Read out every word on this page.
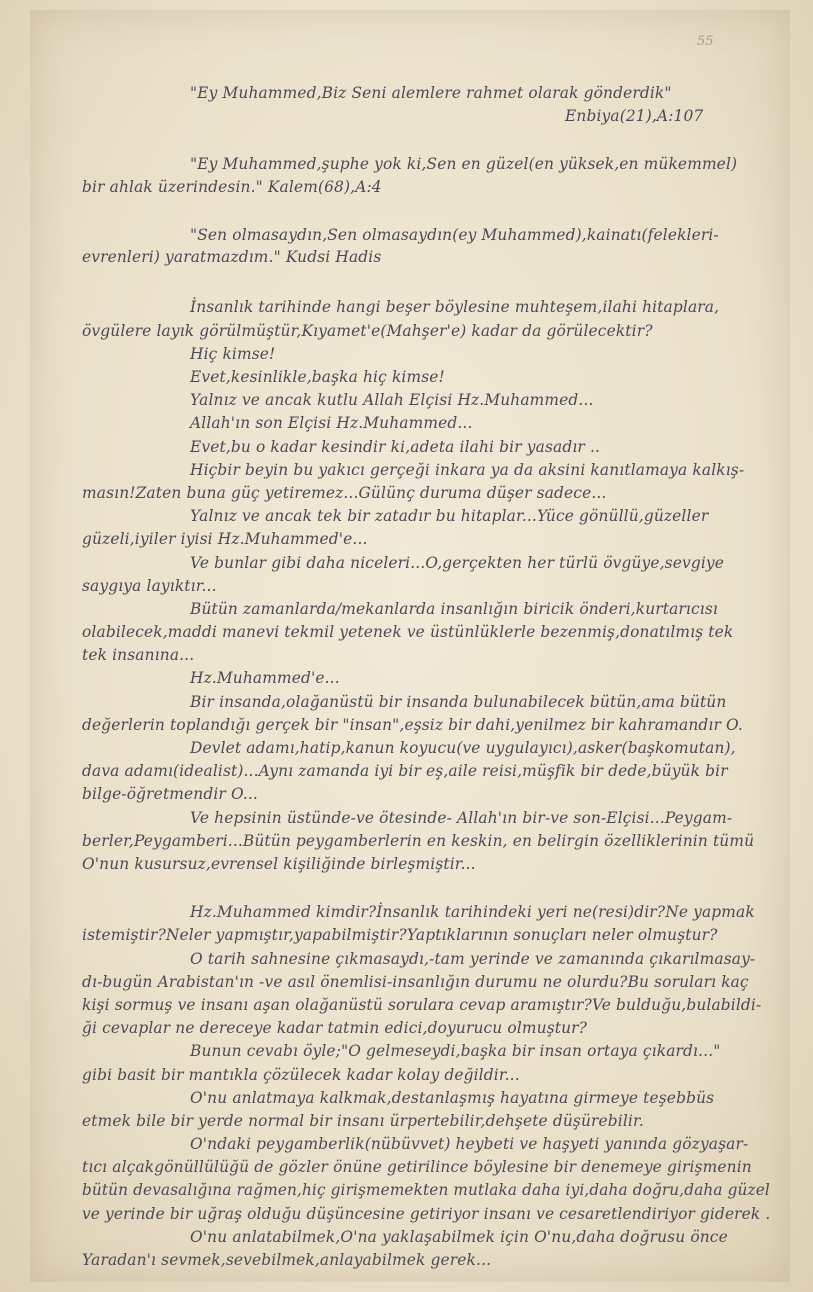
55
"Ey Muhammed,Biz Seni alemlere rahmet olarak gönderdik"
Enbiya(21),A:107
"Ey Muhammed,şuphe yok ki,Sen en güzel(en yüksek,en mükemmel)
bir ahlak üzerindesin." Kalem(68),A:4
"Sen olmasaydın,Sen olmasaydın(ey Muhammed),kainatı(felekleri-
evrenleri) yaratmazdım." Kudsi Hadis
İnsanlık tarihinde hangi beşer böylesine muhteşem,ilahi hitaplara,
övgülere layık görülmüştür,Kıyamet'e(Mahşer'e) kadar da görülecektir?
Hiç kimse!
Evet,kesinlikle,başka hiç kimse!
Yalnız ve ancak kutlu Allah Elçisi Hz.Muhammed...
Allah'ın son Elçisi Hz.Muhammed...
Evet,bu o kadar kesindir ki,adeta ilahi bir yasadır ..
Hiçbir beyin bu yakıcı gerçeği inkara ya da aksini kanıtlamaya kalkış-
masın!Zaten buna güç yetiremez...Gülünç duruma düşer sadece...
Yalnız ve ancak tek bir zatadır bu hitaplar...Yüce gönüllü,güzeller
güzeli,iyiler iyisi Hz.Muhammed'e...
Ve bunlar gibi daha niceleri...O,gerçekten her türlü övgüye,sevgiye
saygıya layıktır...
Bütün zamanlarda/mekanlarda insanlığın biricik önderi,kurtarıcısı
olabilecek,maddi manevi tekmil yetenek ve üstünlüklerle bezenmiş,donatılmış tek
tek insanına...
Hz.Muhammed'e...
Bir insanda,olağanüstü bir insanda bulunabilecek bütün,ama bütün
değerlerin toplandığı gerçek bir "insan",eşsiz bir dahi,yenilmez bir kahramandır O.
Devlet adamı,hatip,kanun koyucu(ve uygulayıcı),asker(başkomutan),
dava adamı(idealist)...Aynı zamanda iyi bir eş,aile reisi,müşfik bir dede,büyük bir
bilge-öğretmendir O...
Ve hepsinin üstünde-ve ötesinde- Allah'ın bir-ve son-Elçisi...Peygam-
berler,Peygamberi...Bütün peygamberlerin en keskin, en belirgin özelliklerinin tümü
O'nun kusursuz,evrensel kişiliğinde birleşmiştir...
Hz.Muhammed kimdir?İnsanlık tarihindeki yeri ne(resi)dir?Ne yapmak
istemiştir?Neler yapmıştır,yapabilmiştir?Yaptıklarının sonuçları neler olmuştur?
O tarih sahnesine çıkmasaydı,-tam yerinde ve zamanında çıkarılmasay-
dı-bugün Arabistan'ın -ve asıl önemlisi-insanlığın durumu ne olurdu?Bu soruları kaç
kişi sormuş ve insanı aşan olağanüstü sorulara cevap aramıştır?Ve bulduğu,bulabildi-
ği cevaplar ne dereceye kadar tatmin edici,doyurucu olmuştur?
Bunun cevabı öyle;"O gelmeseydi,başka bir insan ortaya çıkardı..."
gibi basit bir mantıkla çözülecek kadar kolay değildir...
O'nu anlatmaya kalkmak,destanlaşmış hayatına girmeye teşebbüs
etmek bile bir yerde normal bir insanı ürpertebilir,dehşete düşürebilir.
O'ndaki peygamberlik(nübüvvet) heybeti ve haşyeti yanında gözyaşar-
tıcı alçakgönüllülüğü de gözler önüne getirilince böylesine bir denemeye girişmenin
bütün devasalığına rağmen,hiç girişmemekten mutlaka daha iyi,daha doğru,daha güzel
ve yerinde bir uğraş olduğu düşüncesine getiriyor insanı ve cesaretlendiriyor giderek .
O'nu anlatabilmek,O'na yaklaşabilmek için O'nu,daha doğrusu önce
Yaradan'ı sevmek,sevebilmek,anlayabilmek gerek...
